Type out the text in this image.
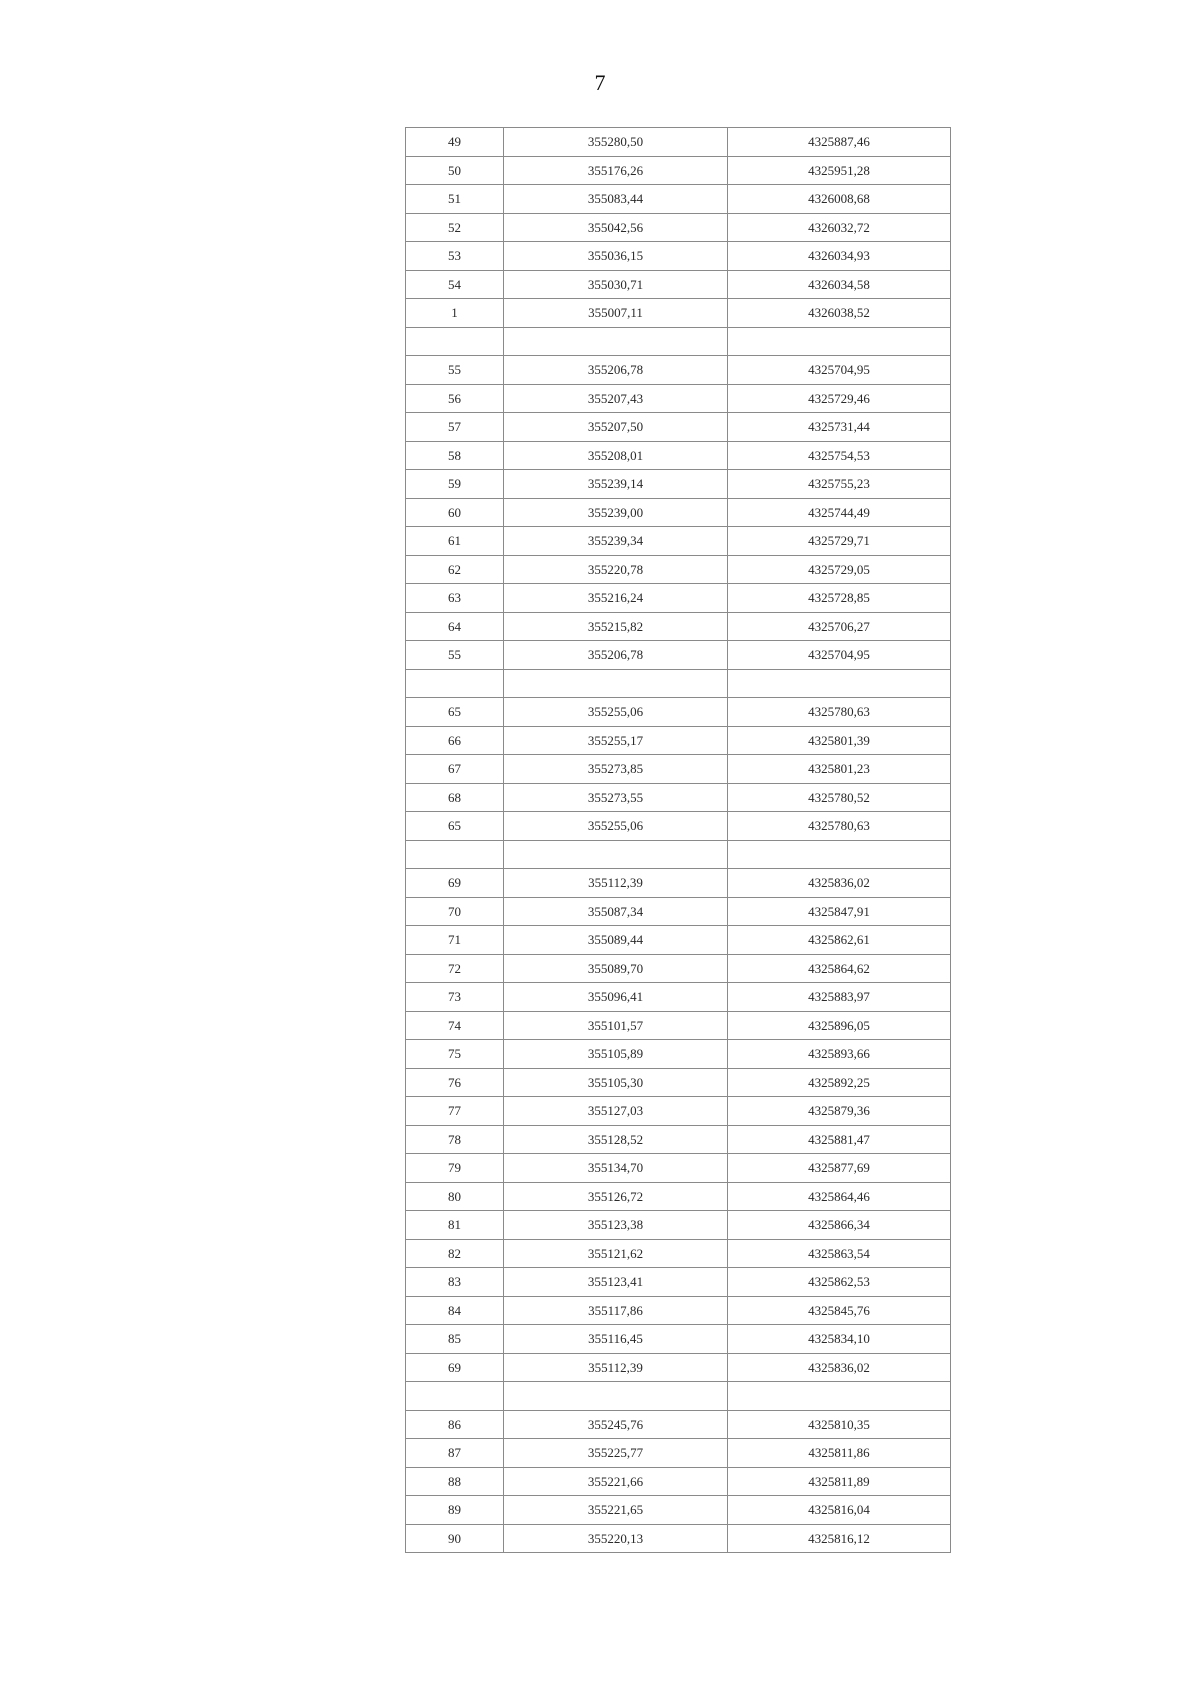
7
49	355280,50	4325887,46
50	355176,26	4325951,28
51	355083,44	4326008,68
52	355042,56	4326032,72
53	355036,15	4326034,93
54	355030,71	4326034,58
1	355007,11	4326038,52

55	355206,78	4325704,95
56	355207,43	4325729,46
57	355207,50	4325731,44
58	355208,01	4325754,53
59	355239,14	4325755,23
60	355239,00	4325744,49
61	355239,34	4325729,71
62	355220,78	4325729,05
63	355216,24	4325728,85
64	355215,82	4325706,27
55	355206,78	4325704,95

65	355255,06	4325780,63
66	355255,17	4325801,39
67	355273,85	4325801,23
68	355273,55	4325780,52
65	355255,06	4325780,63

69	355112,39	4325836,02
70	355087,34	4325847,91
71	355089,44	4325862,61
72	355089,70	4325864,62
73	355096,41	4325883,97
74	355101,57	4325896,05
75	355105,89	4325893,66
76	355105,30	4325892,25
77	355127,03	4325879,36
78	355128,52	4325881,47
79	355134,70	4325877,69
80	355126,72	4325864,46
81	355123,38	4325866,34
82	355121,62	4325863,54
83	355123,41	4325862,53
84	355117,86	4325845,76
85	355116,45	4325834,10
69	355112,39	4325836,02

86	355245,76	4325810,35
87	355225,77	4325811,86
88	355221,66	4325811,89
89	355221,65	4325816,04
90	355220,13	4325816,12
